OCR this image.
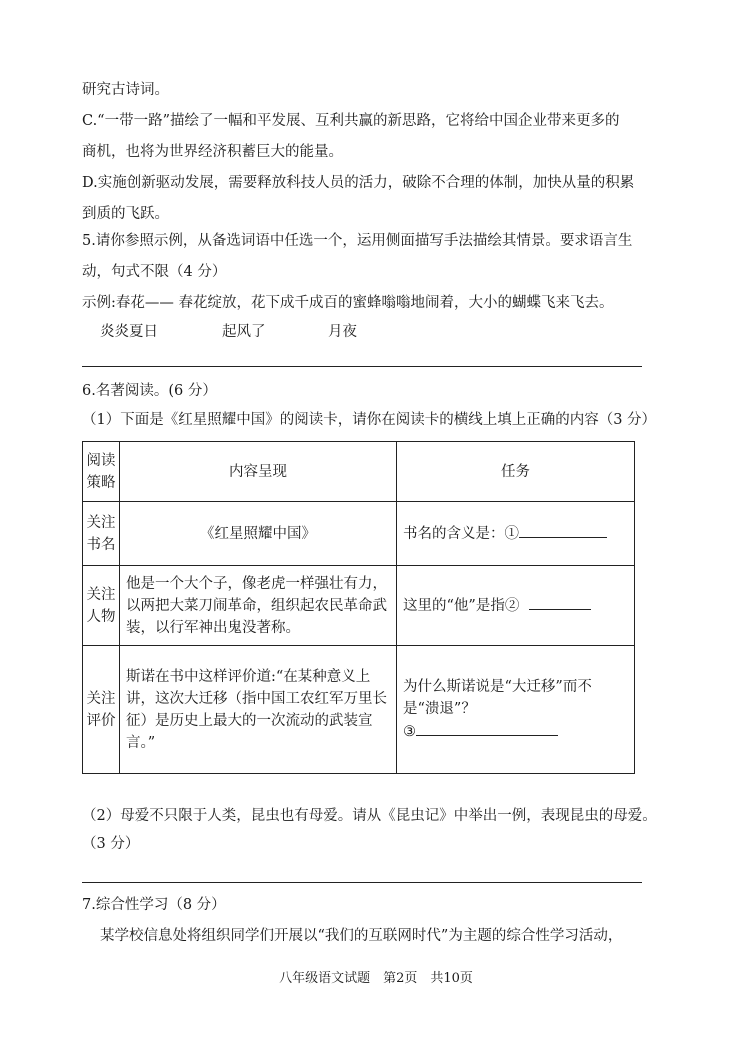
研究古诗词。
C.“一带一路”描绘了一幅和平发展、互利共赢的新思路，它将给中国企业带来更多的
商机，也将为世界经济积蓄巨大的能量。
D.实施创新驱动发展，需要释放科技人员的活力，破除不合理的体制，加快从量的积累
到质的飞跃。
5.请你参照示例，从备选词语中任选一个，运用侧面描写手法描绘其情景。要求语言生
动，句式不限（4 分）
示例:春花—— 春花绽放，花下成千成百的蜜蜂嗡嗡地闹着，大小的蝴蝶飞来飞去。
炎炎夏日	起风了	月夜
6.名著阅读。(6 分）
（1）下面是《红星照耀中国》的阅读卡，请你在阅读卡的横线上填上正确的内容（3 分）
阅读策略	内容呈现	任务
关注书名	《红星照耀中国》	书名的含义是：①
关注人物	他是一个大个子，像老虎一样强壮有力，以两把大菜刀闹革命，组织起农民革命武装，以行军神出鬼没著称。	这里的“他”是指②
关注评价	斯诺在书中这样评价道:“在某种意义上讲，这次大迁移（指中国工农红军万里长征）是历史上最大的一次流动的武装宣言。”	为什么斯诺说是“大迁移”而不是“溃退”？
③
（2）母爱不只限于人类，昆虫也有母爱。请从《昆虫记》中举出一例，表现昆虫的母爱。
（3 分）
7.综合性学习（8 分）
某学校信息处将组织同学们开展以“我们的互联网时代”为主题的综合性学习活动，
八年级语文试题　第2页　共10页
